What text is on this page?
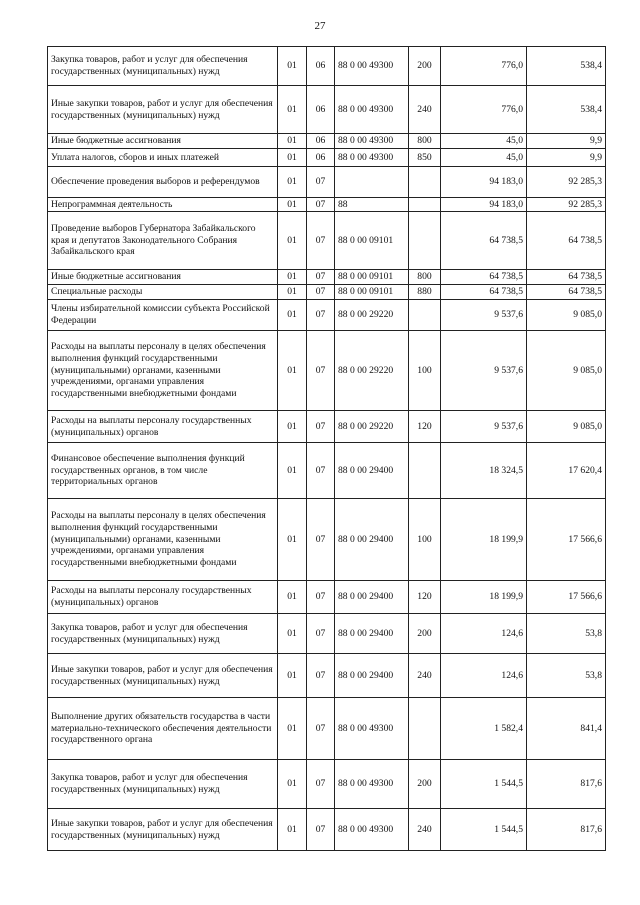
27
Закупка товаров, работ и услуг для обеспечения государственных (муниципальных) нужд	01	06	88 0 00 49300	200	776,0	538,4
Иные закупки товаров, работ и услуг для обеспечения государственных (муниципальных) нужд	01	06	88 0 00 49300	240	776,0	538,4
Иные бюджетные ассигнования	01	06	88 0 00 49300	800	45,0	9,9
Уплата налогов, сборов и иных платежей	01	06	88 0 00 49300	850	45,0	9,9
Обеспечение проведения выборов и референдумов	01	07			94 183,0	92 285,3
Непрограммная деятельность	01	07	88		94 183,0	92 285,3
Проведение выборов Губернатора Забайкальского края и депутатов Законодательного Собрания Забайкальского края	01	07	88 0 00 09101		64 738,5	64 738,5
Иные бюджетные ассигнования	01	07	88 0 00 09101	800	64 738,5	64 738,5
Специальные расходы	01	07	88 0 00 09101	880	64 738,5	64 738,5
Члены избирательной комиссии субъекта Российской Федерации	01	07	88 0 00 29220		9 537,6	9 085,0
Расходы на выплаты персоналу в целях обеспечения выполнения функций государственными (муниципальными) органами, казенными учреждениями, органами управления государственными внебюджетными фондами	01	07	88 0 00 29220	100	9 537,6	9 085,0
Расходы на выплаты персоналу государственных (муниципальных) органов	01	07	88 0 00 29220	120	9 537,6	9 085,0
Финансовое обеспечение выполнения функций государственных органов, в том числе территориальных органов	01	07	88 0 00 29400		18 324,5	17 620,4
Расходы на выплаты персоналу в целях обеспечения выполнения функций государственными (муниципальными) органами, казенными учреждениями, органами управления государственными внебюджетными фондами	01	07	88 0 00 29400	100	18 199,9	17 566,6
Расходы на выплаты персоналу государственных (муниципальных) органов	01	07	88 0 00 29400	120	18 199,9	17 566,6
Закупка товаров, работ и услуг для обеспечения государственных (муниципальных) нужд	01	07	88 0 00 29400	200	124,6	53,8
Иные закупки товаров, работ и услуг для обеспечения государственных (муниципальных) нужд	01	07	88 0 00 29400	240	124,6	53,8
Выполнение других обязательств государства в части материально-технического обеспечения деятельности государственного органа	01	07	88 0 00 49300		1 582,4	841,4
Закупка товаров, работ и услуг для обеспечения государственных (муниципальных) нужд	01	07	88 0 00 49300	200	1 544,5	817,6
Иные закупки товаров, работ и услуг для обеспечения государственных (муниципальных) нужд	01	07	88 0 00 49300	240	1 544,5	817,6
